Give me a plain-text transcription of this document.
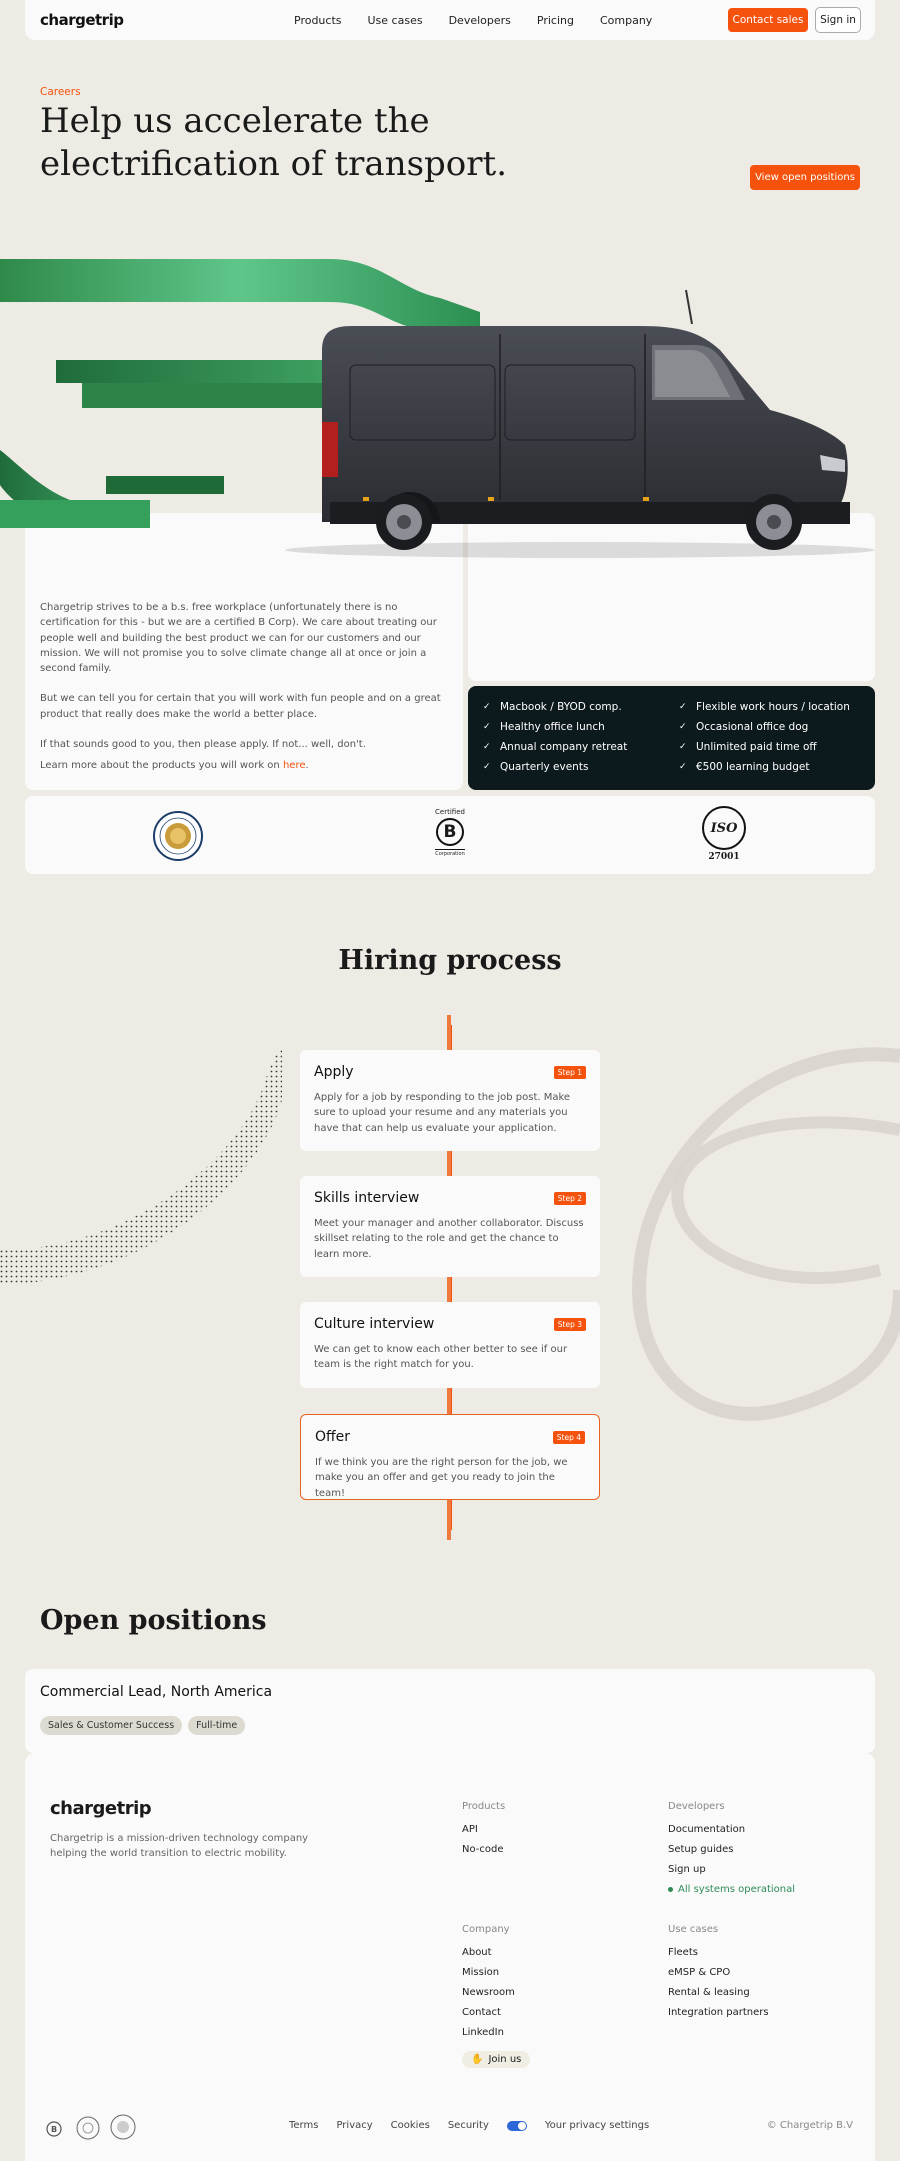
chargetrip	Products Use cases Developers Pricing Company	Contact sales	Sign in
Careers
Help us accelerate the electrification of transport.	View open positions

Chargetrip strives to be a b.s. free workplace (unfortunately there is no certification for this - but we are a certified B Corp). We care about treating our people well and building the best product we can for our customers and our mission. We will not promise you to solve climate change all at once or join a second family.

But we can tell you for certain that you will work with fun people and on a great product that really does make the world a better place.

If that sounds good to you, then please apply. If not... well, don't.

Learn more about the products you will work on here.
✓ Macbook / BYOD comp.	✓ Flexible work hours / location
✓ Healthy office lunch	✓ Occasional office dog
✓ Annual company retreat	✓ Unlimited paid time off
✓ Quarterly events	✓ €500 learning budget
Certified
B
Corporation
ISO
27001
Hiring process
Apply	Step 1
Apply for a job by responding to the job post. Make sure to upload your resume and any materials you have that can help us evaluate your application.
Skills interview	Step 2
Meet your manager and another collaborator. Discuss skillset relating to the role and get the chance to learn more.
Culture interview	Step 3
We can get to know each other better to see if our team is the right match for you.
Offer	Step 4
If we think you are the right person for the job, we make you an offer and get you ready to join the team!
Open positions
Commercial Lead, North America
Sales & Customer Success	Full-time
chargetrip
Chargetrip is a mission-driven technology company helping the world transition to electric mobility.
Products
API
No-code
Developers
Documentation
Setup guides
Sign up
All systems operational
Company
About
Mission
Newsroom
Contact
LinkedIn
✋ Join us
Use cases
Fleets
eMSP & CPO
Rental & leasing
Integration partners
B	Terms Privacy Cookies Security	Your privacy settings	© Chargetrip B.V
